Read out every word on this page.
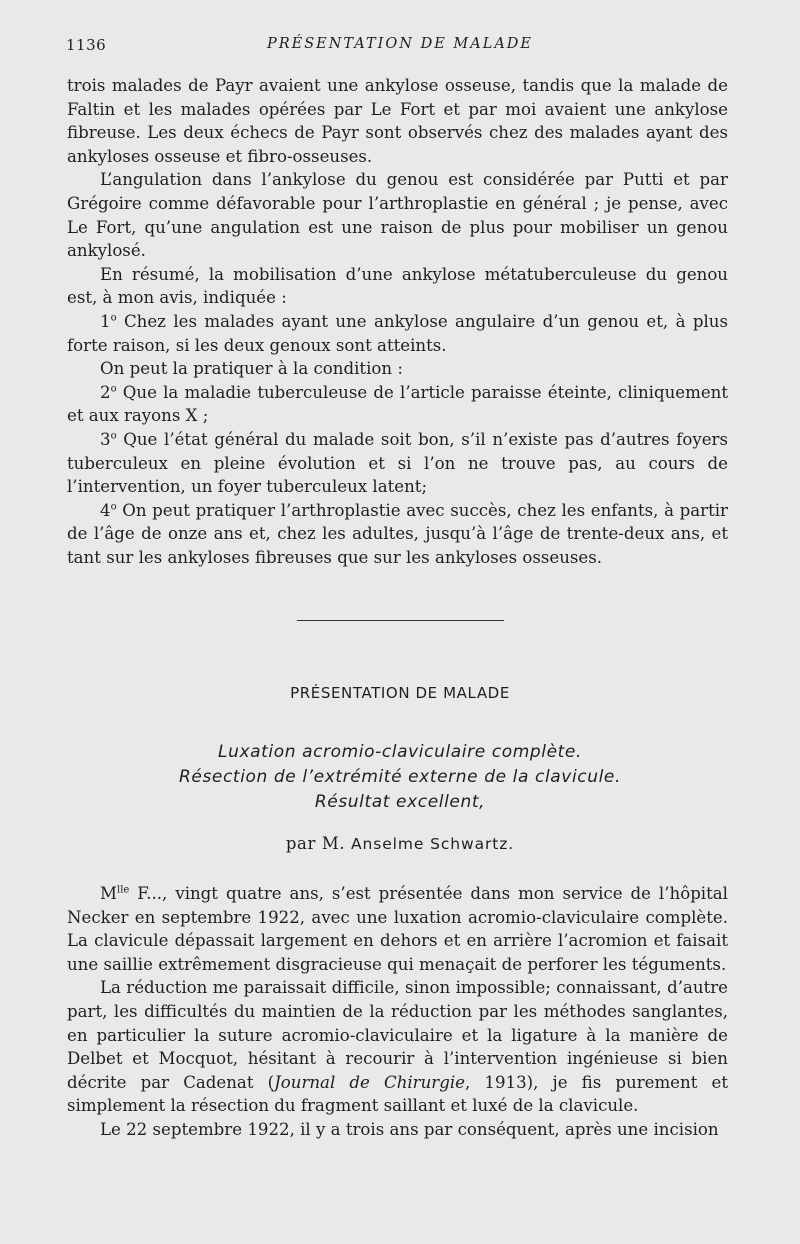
1136	PRÉSENTATION DE MALADE

trois malades de Payr avaient une ankylose osseuse, tandis que la malade de Faltin et les malades opérées par Le Fort et par moi avaient une ankylose fibreuse. Les deux échecs de Payr sont observés chez des malades ayant des ankyloses osseuse et fibro-osseuses.

L’angulation dans l’ankylose du genou est considérée par Putti et par Grégoire comme défavorable pour l’arthroplastie en général ; je pense, avec Le Fort, qu’une angulation est une raison de plus pour mobiliser un genou ankylosé.

En résumé, la mobilisation d’une ankylose métatuberculeuse du genou est, à mon avis, indiquée :

1$^o$ Chez les malades ayant une ankylose angulaire d’un genou et, à plus forte raison, si les deux genoux sont atteints.

On peut la pratiquer à la condition :

2$^o$ Que la maladie tuberculeuse de l’article paraisse éteinte, cliniquement et aux rayons X ;

3$^o$ Que l’état général du malade soit bon, s’il n’existe pas d’autres foyers tuberculeux en pleine évolution et si l’on ne trouve pas, au cours de l’intervention, un foyer tuberculeux latent;

4$^o$ On peut pratiquer l’arthroplastie avec succès, chez les enfants, à partir de l’âge de onze ans et, chez les adultes, jusqu’à l’âge de trente-deux ans, et tant sur les ankyloses fibreuses que sur les ankyloses osseuses.

PRÉSENTATION DE MALADE
Luxation acromio-claviculaire complète.
Résection de l’extrémité externe de la clavicule.
Résultat excellent,
par M. Anselme Schwartz.

$M^{lle}$ F..., vingt quatre ans, s’est présentée dans mon service de l’hôpital Necker en septembre 1922, avec une luxation acromio-claviculaire complète. La clavicule dépassait largement en dehors et en arrière l’acromion et faisait une saillie extrêmement disgracieuse qui menaçait de perforer les téguments.

La réduction me paraissait difficile, sinon impossible; connaissant, d’autre part, les difficultés du maintien de la réduction par les méthodes sanglantes, en particulier la suture acromio-claviculaire et la ligature à la manière de Delbet et Mocquot, hésitant à recourir à l’intervention ingénieuse si bien décrite par Cadenat (Journal de Chirurgie, 1913), je fis purement et simplement la résection du fragment saillant et luxé de la clavicule.

Le 22 septembre 1922, il y a trois ans par conséquent, après une incision
